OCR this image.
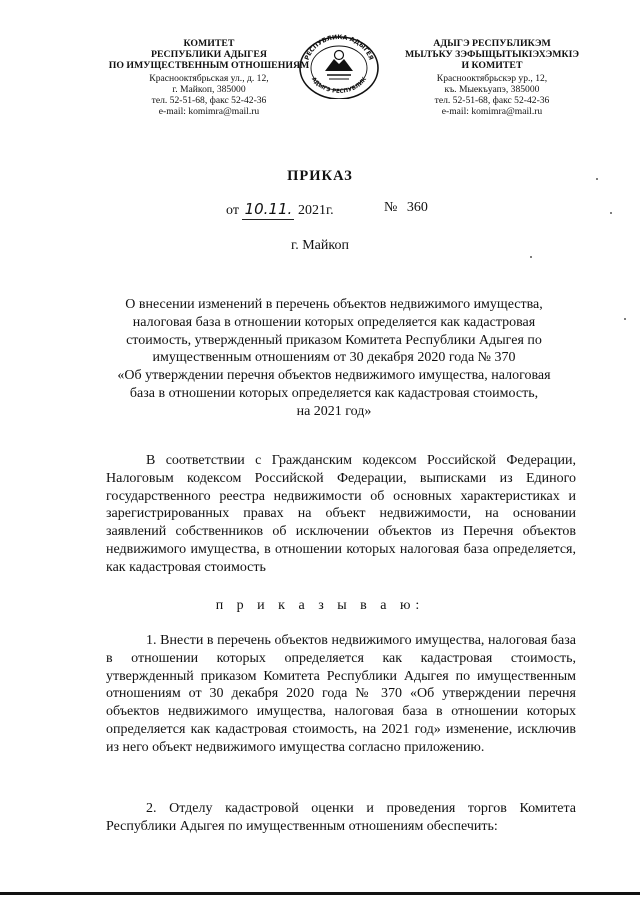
КОМИТЕТ
РЕСПУБЛИКИ АДЫГЕЯ
ПО ИМУЩЕСТВЕННЫМ ОТНОШЕНИЯМ
Краснооктябрьская ул., д. 12,
г. Майкоп, 385000
тел. 52-51-68, факс 52-42-36
e-mail: komimra@mail.ru
РЕСПУБЛИКА АДЫГЕЯ
АДЫГЭ РЕСПУБЛИК
АДЫГЭ РЕСПУБЛИКЭМ
МЫЛЪКУ ЗЭФЫЩЫТЫКІЭХЭМКІЭ
И КОМИТЕТ
Краснооктябрьскэр ур., 12,
къ. Мыекъуапэ, 385000
тел. 52-51-68, факс 52-42-36
e-mail: komimra@mail.ru
ПРИКАЗ
от 10.11. 2021г.	№ 360
г. Майкоп
О внесении изменений в перечень объектов недвижимого имущества,
налоговая база в отношении которых определяется как кадастровая
стоимость, утвержденный приказом Комитета Республики Адыгея по
имущественным отношениям от 30 декабря 2020 года № 370
«Об утверждении перечня объектов недвижимого имущества, налоговая
база в отношении которых определяется как кадастровая стоимость,
на 2021 год»
В соответствии с Гражданским кодексом Российской Федерации, Налоговым кодексом Российской Федерации, выписками из Единого государственного реестра недвижимости об основных характеристиках и зарегистрированных правах на объект недвижимости, на основании заявлений собственников об исключении объектов из Перечня объектов недвижимого имущества, в отношении которых налоговая база определяется, как кадастровая стоимость
п р и к а з ы в а ю:
1. Внести в перечень объектов недвижимого имущества, налоговая база в отношении которых определяется как кадастровая стоимость, утвержденный приказом Комитета Республики Адыгея по имущественным отношениям от 30 декабря 2020 года № 370 «Об утверждении перечня объектов недвижимого имущества, налоговая база в отношении которых определяется как кадастровая стоимость, на 2021 год» изменение, исключив из него объект недвижимого имущества согласно приложению.
2. Отделу кадастровой оценки и проведения торгов Комитета Республики Адыгея по имущественным отношениям обеспечить:
